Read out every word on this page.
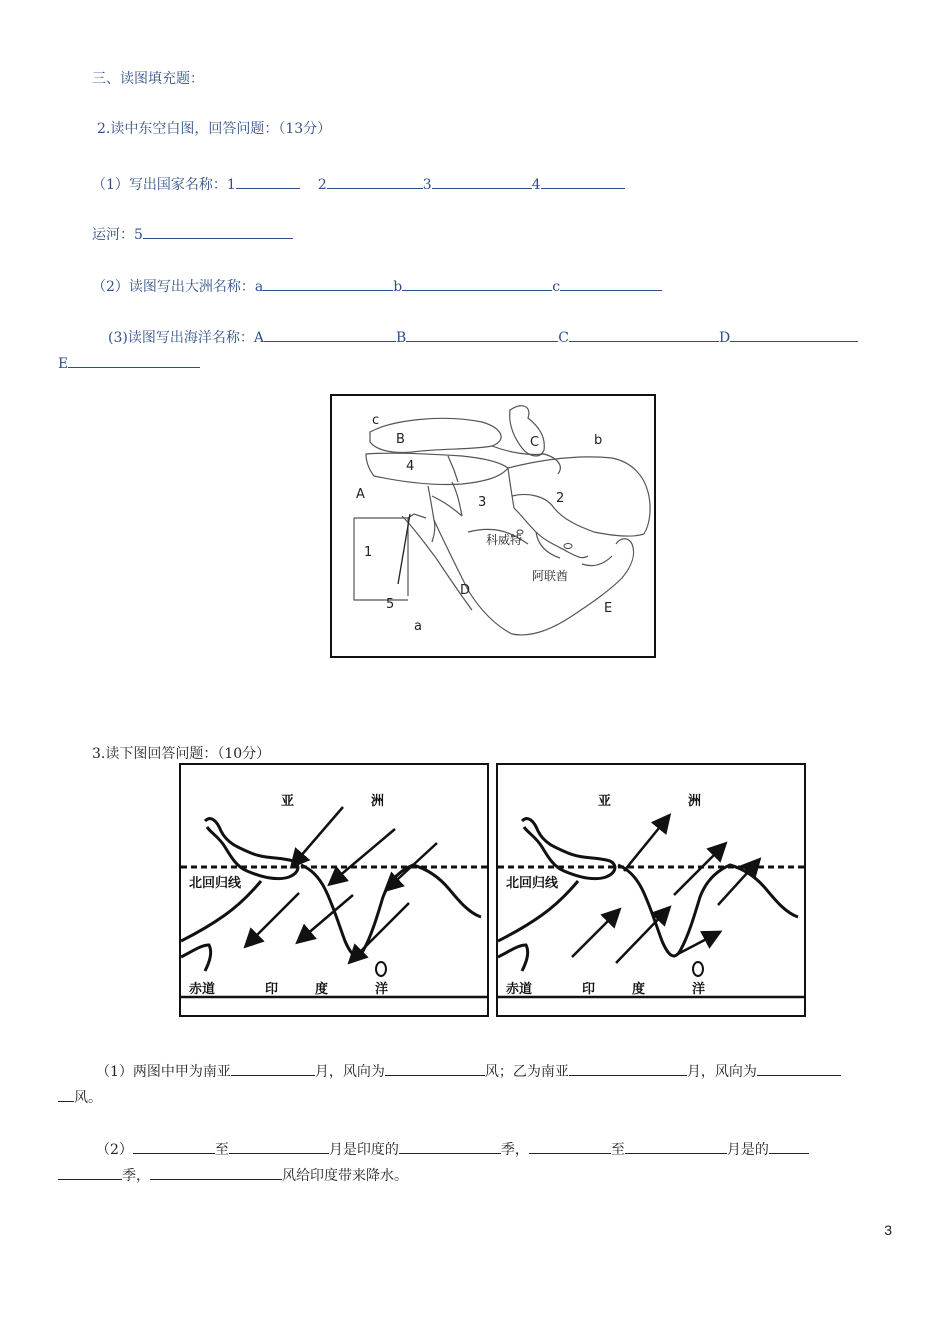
三、读图填充题：
2.读中东空白图，回答问题：（13分）
（1）写出国家名称：1	2	3	4
运河：5
（2）读图写出大洲名称：a	b	c
(3)读图写出海洋名称：A	B	C	D
E
c
B	C	b
4
A
3	2
科威特
1
阿联酋
D
5	E
a
3.读下图回答问题：（10分）
亚	洲
北回归线
赤道	印	度	洋
亚	洲
北回归线
赤道	印	度	洋
（1）两图中甲为南亚	月，风向为	风；乙为南亚	月，风向为
风。
（2）	至	月是印度的	季，	至	月是的
季，	风给印度带来降水。
3
